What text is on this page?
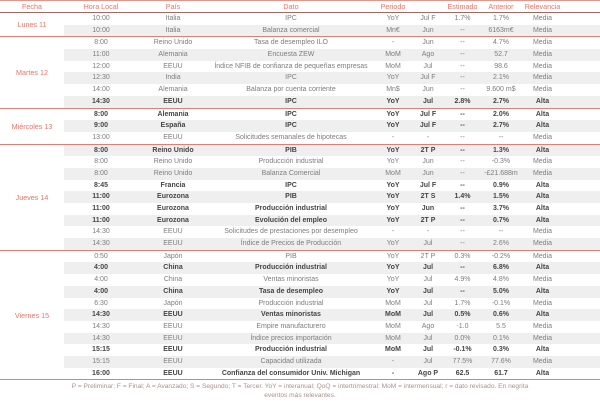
Fecha	Hora Local	País	Dato	Periodo	Estimado	Anterior	Relevancia
Lunes 11
10:00	Italia	IPC	YoY	Jul F	1.7%	1.7%	Media
10:00	Italia	Balanza comercial	Mn€	Jun	--	6163m€	Media
Martes 12
8:00	Reino Unido	Tasa de desempleo ILO	-	Jun	--	4.7%	Media
11:00	Alemania	Encuesta ZEW	MoM	Ago	--	52.7	Media
12:00	EEUU	Índice NFIB de confianza de pequeñas empresas	MoM	Jul	--	98.6	Media
12:30	India	IPC	YoY	Jul F	--	2.1%	Media
14:00	Alemania	Balanza por cuenta corriente	Mn$	Jun	--	9.600 m$	Media
14:30	EEUU	IPC	YoY	Jul	2.8%	2.7%	Alta
Miércoles 13
8:00	Alemania	IPC	YoY	Jul F	--	2.0%	Alta
9:00	España	IPC	YoY	Jul F	--	2.7%	Alta
13:00	EEUU	Solicitudes semanales de hipotecas	-	-	--	--	Media
Jueves 14
8:00	Reino Unido	PIB	YoY	2T P	--	1.3%	Alta
8:00	Reino Unido	Producción industrial	YoY	Jun	--	-0.3%	Media
8:00	Reino Unido	Balanza Comercial	MoM	Jun	--	-£21.688m	Media
8:45	Francia	IPC	YoY	Jul F	--	0.9%	Alta
11:00	Eurozona	PIB	YoY	2T S	1.4%	1.5%	Alta
11:00	Eurozona	Producción industrial	YoY	Jun	--	3.7%	Alta
11:00	Eurozona	Evolución del empleo	YoY	2T P	--	0.7%	Alta
14:30	EEUU	Solicitudes de prestaciones por desempleo	-	-	--	--	Media
14:30	EEUU	Índice de Precios de Producción	YoY	Jul	--	2.6%	Media
Viernes 15
0:50	Japón	PIB	YoY	2T P	0.3%	-0.2%	Media
4:00	China	Producción industrial	YoY	Jul	--	6.8%	Alta
4:00	China	Ventas minoristas	YoY	Jul	4.9%	4.8%	Media
4:00	China	Tasa de desempleo	YoY	Jul	--	5.0%	Alta
6:30	Japón	Producción industrial	MoM	Jul	1.7%	-0.1%	Media
14:30	EEUU	Ventas minoristas	MoM	Jul	0.5%	0.6%	Alta
14:30	EEUU	Empire manufacturero	MoM	Ago	-1.0	5.5	Media
14:30	EEUU	Índice precios importación	MoM	Jul	0.0%	0.1%	Media
15:15	EEUU	Producción industrial	MoM	Jul	-0.1%	0.3%	Alta
15:15	EEUU	Capacidad utilizada	-	Jul	77.5%	77.6%	Media
16:00	EEUU	Confianza del consumidor Univ. Michigan	-	Ago P	62.5	61.7	Alta
P = Preliminar; F = Final; A = Avanzado; S = Segundo; T = Tercer. YoY = interanual; QoQ = intertrimestral; MoM = intermensual; r = dato revisado. En negrita
eventos más relevantes.
